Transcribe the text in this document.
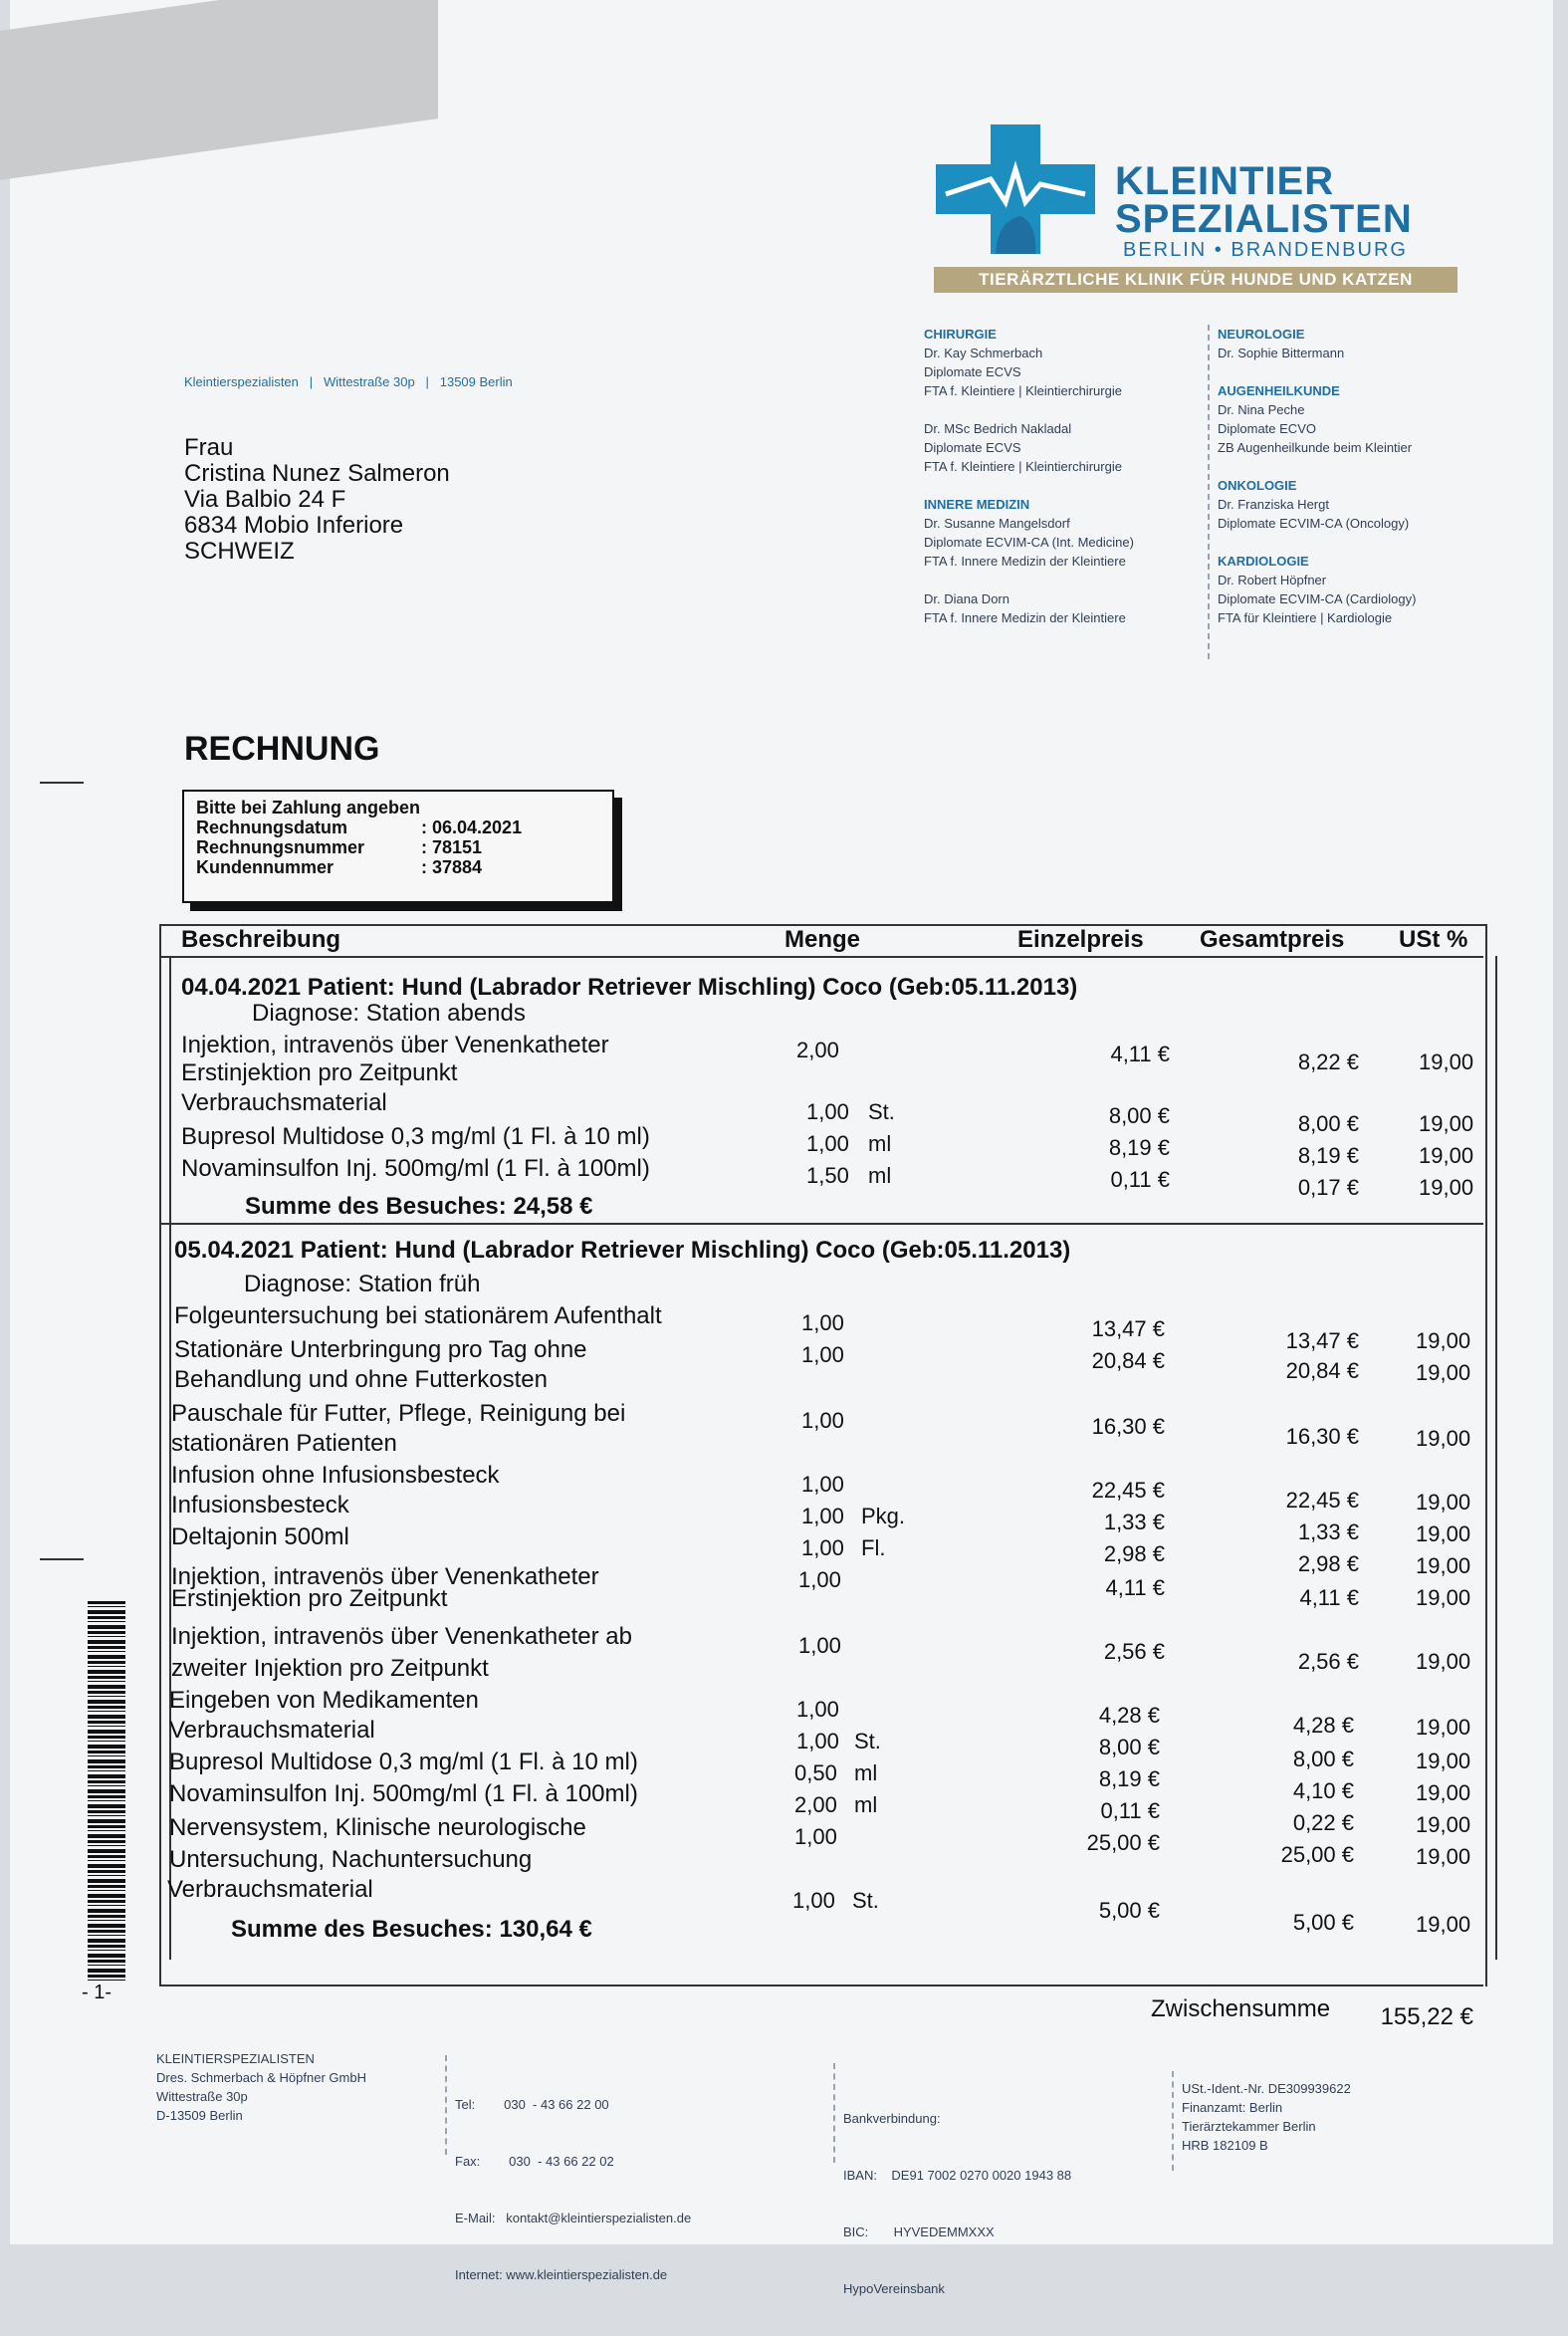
KLEINTIER
SPEZIALISTEN
BERLIN • BRANDENBURG
TIERÄRZTLICHE KLINIK FÜR HUNDE UND KATZEN
CHIRURGIE
Dr. Kay Schmerbach
Diplomate ECVS
FTA f. Kleintiere | Kleintierchirurgie
Dr. MSc Bedrich Nakladal
Diplomate ECVS
FTA f. Kleintiere | Kleintierchirurgie
INNERE MEDIZIN
Dr. Susanne Mangelsdorf
Diplomate ECVIM-CA (Int. Medicine)
FTA f. Innere Medizin der Kleintiere
Dr. Diana Dorn
FTA f. Innere Medizin der Kleintiere
NEUROLOGIE
Dr. Sophie Bittermann
AUGENHEILKUNDE
Dr. Nina Peche
Diplomate ECVO
ZB Augenheilkunde beim Kleintier
ONKOLOGIE
Dr. Franziska Hergt
Diplomate ECVIM-CA (Oncology)
KARDIOLOGIE
Dr. Robert Höpfner
Diplomate ECVIM-CA (Cardiology)
FTA für Kleintiere | Kardiologie
Kleintierspezialisten   |   Wittestraße 30p   |   13509 Berlin
Frau
Cristina Nunez Salmeron
Via Balbio 24 F
6834 Mobio Inferiore
SCHWEIZ
RECHNUNG
Bitte bei Zahlung angeben
Rechnungsdatum	: 06.04.2021
Rechnungsnummer	: 78151
Kundennummer	: 37884
Beschreibung	Menge	Einzelpreis Gesamtpreis USt %
04.04.2021 Patient: Hund (Labrador Retriever Mischling) Coco (Geb:05.11.2013)
Diagnose: Station abends
Injektion, intravenös über Venenkatheter
Erstinjektion pro Zeitpunkt
2,00	4,11 €	8,22 €	19,00
Verbrauchsmaterial	1,00 St.	8,00 €	8,00 €	19,00
Bupresol Multidose 0,3 mg/ml (1 Fl. à 10 ml)	1,00 ml	8,19 €	8,19 €	19,00
Novaminsulfon Inj. 500mg/ml (1 Fl. à 100ml)	1,50 ml	0,11 €	0,17 €	19,00
Summe des Besuches: 24,58 €
05.04.2021 Patient: Hund (Labrador Retriever Mischling) Coco (Geb:05.11.2013)
Diagnose: Station früh
Folgeuntersuchung bei stationärem Aufenthalt	1,00	13,47 €	13,47 €	19,00
Stationäre Unterbringung pro Tag ohne
Behandlung und ohne Futterkosten
1,00	20,84 €	20,84 €	19,00
Pauschale für Futter, Pflege, Reinigung bei
stationären Patienten
1,00	16,30 €	16,30 €	19,00
Infusion ohne Infusionsbesteck	1,00	22,45 €	22,45 €	19,00
Infusionsbesteck	1,00 Pkg.	1,33 €	1,33 €	19,00
Deltajonin 500ml	1,00 Fl.	2,98 €	2,98 €	19,00
Injektion, intravenös über Venenkatheter
Erstinjektion pro Zeitpunkt
1,00	4,11 €	4,11 €	19,00
Injektion, intravenös über Venenkatheter ab
zweiter Injektion pro Zeitpunkt
1,00	2,56 €	2,56 €	19,00
Eingeben von Medikamenten	1,00	4,28 €	4,28 €	19,00
Verbrauchsmaterial	1,00 St.	8,00 €	8,00 €	19,00
Bupresol Multidose 0,3 mg/ml (1 Fl. à 10 ml)	0,50 ml	8,19 €	4,10 €	19,00
Novaminsulfon Inj. 500mg/ml (1 Fl. à 100ml)	2,00 ml	0,11 €	0,22 €	19,00
Nervensystem, Klinische neurologische
Untersuchung, Nachuntersuchung
1,00	25,00 €	25,00 €	19,00
Verbrauchsmaterial	1,00 St.	5,00 €	5,00 €	19,00
Summe des Besuches: 130,64 €
Zwischensumme	155,22 €
- 1-
KLEINTIERSPEZIALISTEN
Dres. Schmerbach & Höpfner GmbH
Wittestraße 30p
D-13509 Berlin

Tel:        030  - 43 66 22 00

Fax:        030  - 43 66 22 02

E-Mail:   kontakt@kleintierspezialisten.de

Internet: www.kleintierspezialisten.de

Bankverbindung:

IBAN:    DE91 7002 0270 0020 1943 88

BIC:       HYVEDEMMXXX

HypoVereinsbank

USt.-Ident.-Nr. DE309939622
Finanzamt: Berlin
Tierärztekammer Berlin
HRB 182109 B
